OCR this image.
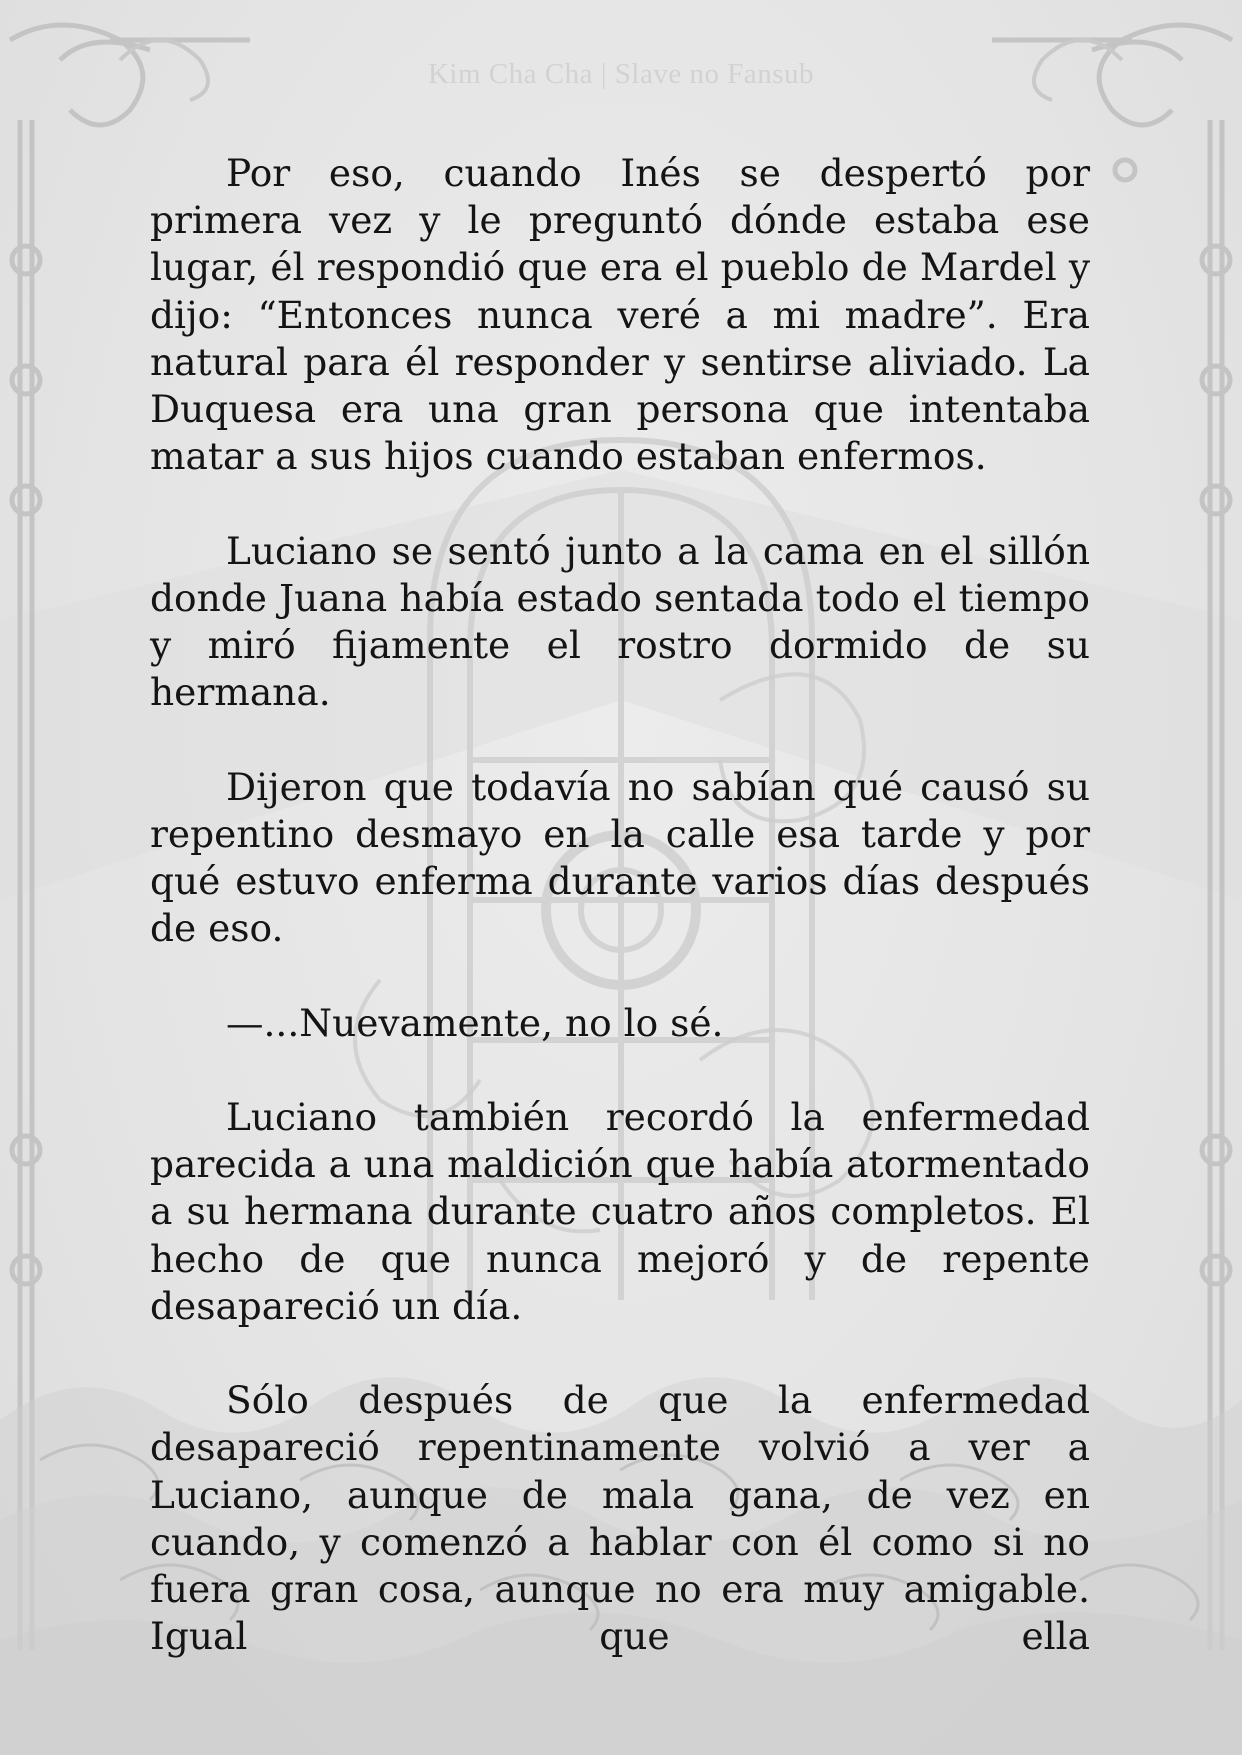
Kim Cha Cha | Slave no Fansub

Por eso, cuando Inés se despertó por primera vez y le preguntó dónde estaba ese lugar, él respondió que era el pueblo de Mardel y dijo: “Entonces nunca veré a mi madre”. Era natural para él responder y sentirse aliviado. La Duquesa era una gran persona que intentaba matar a sus hijos cuando estaban enfermos.

Luciano se sentó junto a la cama en el sillón donde Juana había estado sentada todo el tiempo y miró fijamente el rostro dormido de su hermana.

Dijeron que todavía no sabían qué causó su repentino desmayo en la calle esa tarde y por qué estuvo enferma durante varios días después de eso.

—...Nuevamente, no lo sé.

Luciano también recordó la enfermedad parecida a una maldición que había atormentado a su hermana durante cuatro años completos. El hecho de que nunca mejoró y de repente desapareció un día.

Sólo después de que la enfermedad desapareció repentinamente volvió a ver a Luciano, aunque de mala gana, de vez en cuando, y comenzó a hablar con él como si no fuera gran cosa, aunque no era muy amigable. Igual que ella
